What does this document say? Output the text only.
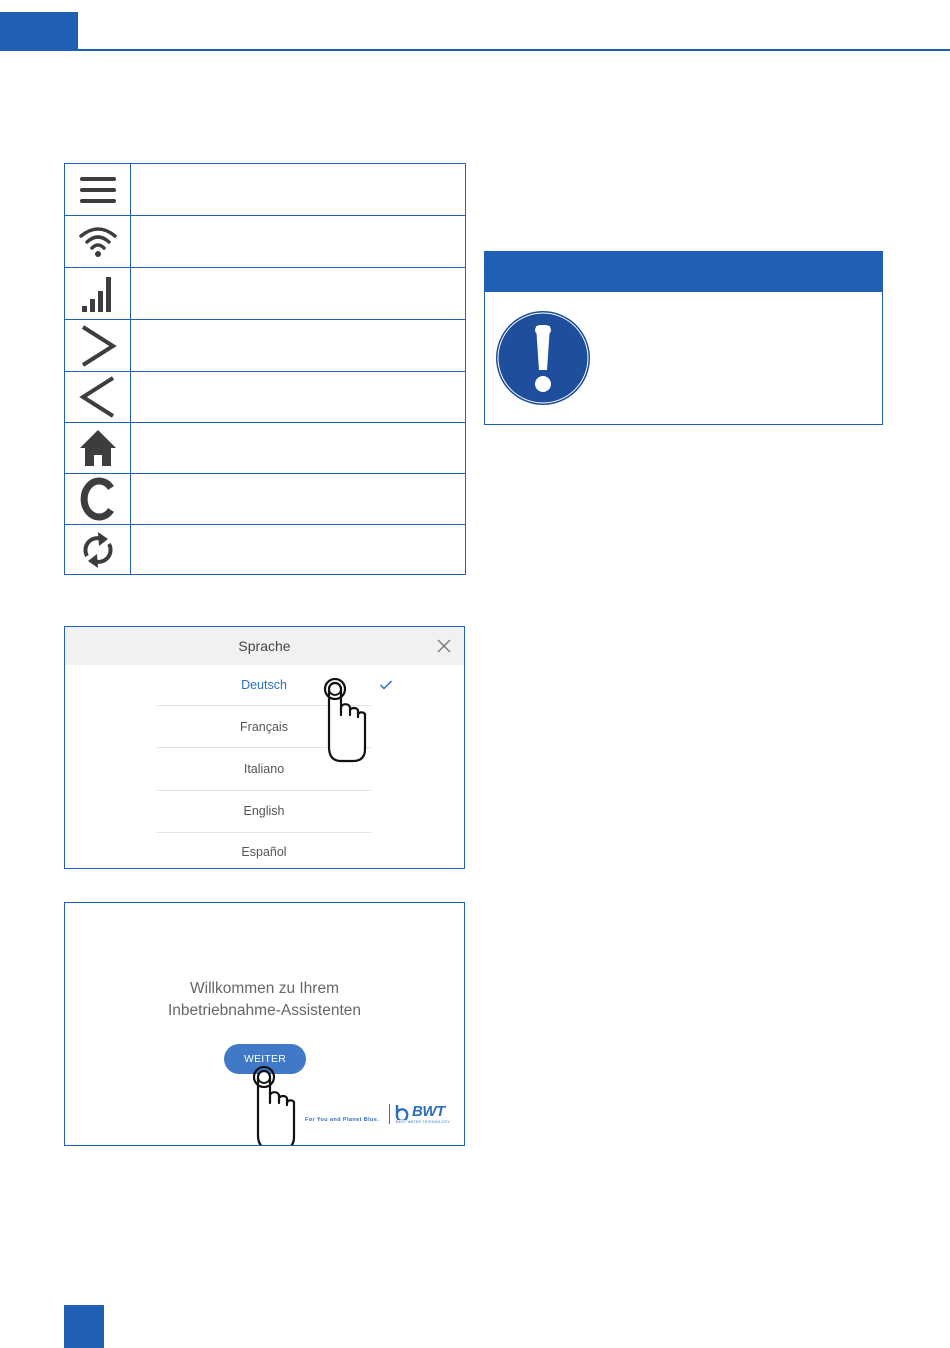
Sprache
Deutsch
Français
Italiano
English
Español
Willkommen zu Ihrem
Inbetriebnahme-Assistenten
WEITER
For You and Planet Blue. BWT
BEST WATER TECHNOLOGY
